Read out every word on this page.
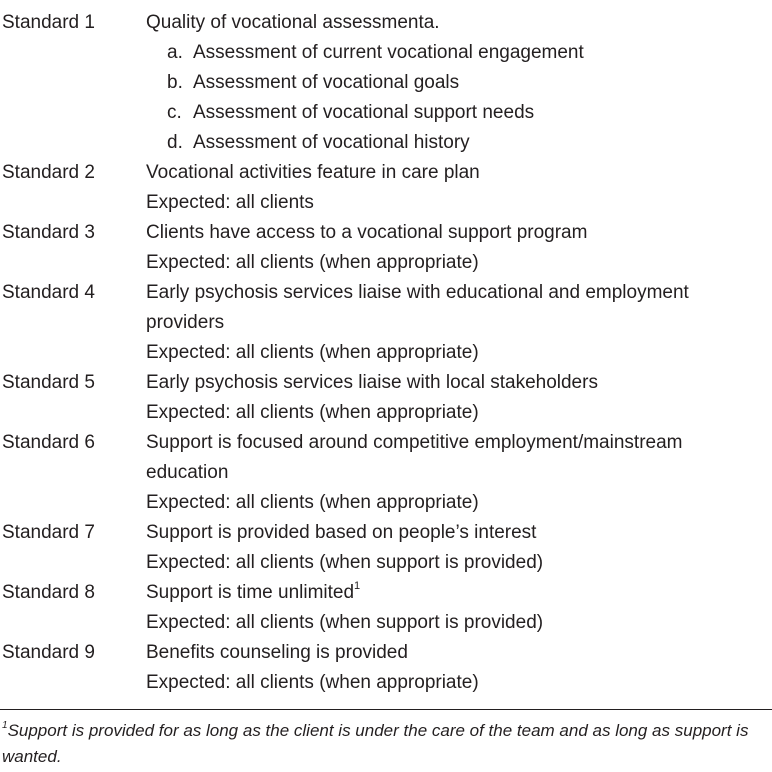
Standard 1	Quality of vocational assessmenta.
a. Assessment of current vocational engagement
b. Assessment of vocational goals
c. Assessment of vocational support needs
d. Assessment of vocational history
Standard 2	Vocational activities feature in care plan
Expected: all clients
Standard 3	Clients have access to a vocational support program
Expected: all clients (when appropriate)
Standard 4	Early psychosis services liaise with educational and employment
providers
Expected: all clients (when appropriate)
Standard 5	Early psychosis services liaise with local stakeholders
Expected: all clients (when appropriate)
Standard 6	Support is focused around competitive employment/mainstream
education
Expected: all clients (when appropriate)
Standard 7	Support is provided based on people’s interest
Expected: all clients (when support is provided)
Standard 8	Support is time unlimited$^1$
Expected: all clients (when support is provided)
Standard 9	Benefits counseling is provided
Expected: all clients (when appropriate)
$^1$Support is provided for as long as the client is under the care of the team and as long as support is wanted.
